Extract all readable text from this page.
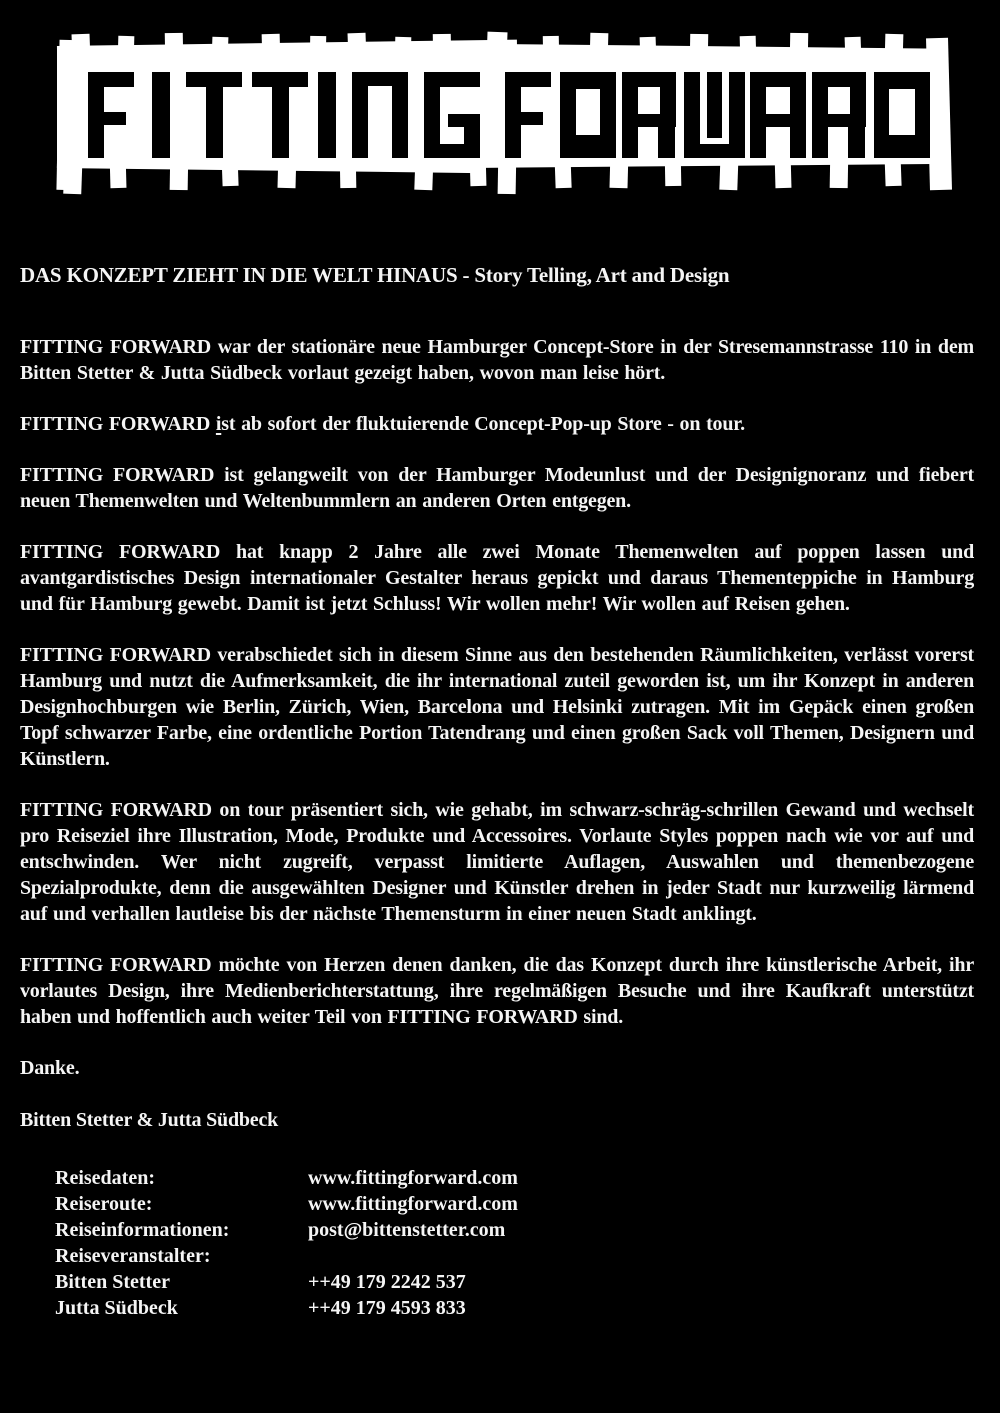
DAS KONZEPT ZIEHT IN DIE WELT HINAUS - Story Telling, Art and Design

FITTING FORWARD war der stationäre neue Hamburger Concept-Store in der Stresemannstrasse 110 in dem Bitten Stetter & Jutta Südbeck vorlaut gezeigt haben, wovon man leise hört.

FITTING FORWARD ist ab sofort der fluktuierende Concept-Pop-up Store - on tour.

FITTING FORWARD ist gelangweilt von der Hamburger Modeunlust und der Designignoranz und fiebert neuen Themenwelten und Weltenbummlern an anderen Orten entgegen.

FITTING FORWARD hat knapp 2 Jahre alle zwei Monate Themenwelten auf poppen lassen und avantgardistisches Design internationaler Gestalter heraus gepickt und daraus Thementeppiche in Hamburg und für Hamburg gewebt. Damit ist jetzt Schluss! Wir wollen mehr! Wir wollen auf Reisen gehen.

FITTING FORWARD verabschiedet sich in diesem Sinne aus den bestehenden Räumlichkeiten, verlässt vorerst Hamburg und nutzt die Aufmerksamkeit, die ihr international zuteil geworden ist, um ihr Konzept in anderen Designhochburgen wie Berlin, Zürich, Wien, Barcelona und Helsinki zutragen. Mit im Gepäck einen großen Topf schwarzer Farbe, eine ordentliche Portion Tatendrang und einen großen Sack voll Themen, Designern und Künstlern.

FITTING FORWARD on tour präsentiert sich, wie gehabt, im schwarz-schräg-schrillen Gewand und wechselt pro Reiseziel ihre Illustration, Mode, Produkte und Accessoires. Vorlaute Styles poppen nach wie vor auf und entschwinden. Wer nicht zugreift, verpasst limitierte Auflagen, Auswahlen und themenbezogene Spezialprodukte, denn die ausgewählten Designer und Künstler drehen in jeder Stadt nur kurzweilig lärmend auf und verhallen lautleise bis der nächste Themensturm in einer neuen Stadt anklingt.

FITTING FORWARD möchte von Herzen denen danken, die das Konzept durch ihre künstlerische Arbeit, ihr vorlautes Design, ihre Medienberichterstattung, ihre regelmäßigen Besuche und ihre Kaufkraft unterstützt haben und hoffentlich auch weiter Teil von FITTING FORWARD sind.

Danke.

Bitten Stetter & Jutta Südbeck

Reisedaten:	www.fittingforward.com
Reiseroute:	www.fittingforward.com
Reiseinformationen:	post@bittenstetter.com
Reiseveranstalter:
Bitten Stetter	++49 179 2242 537
Jutta Südbeck	++49 179 4593 833
